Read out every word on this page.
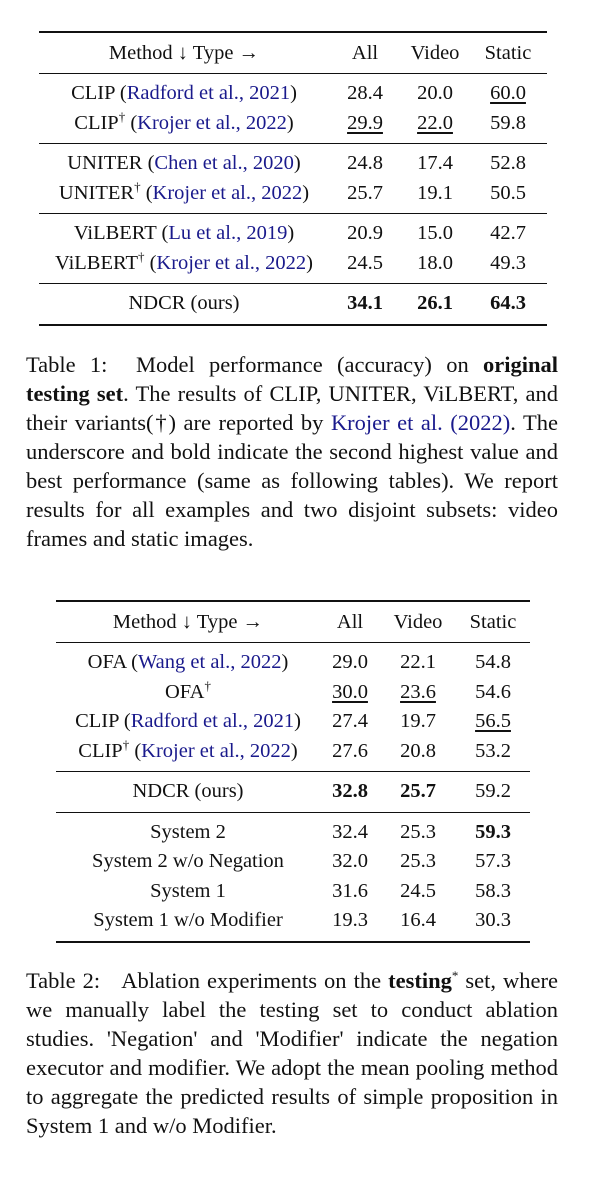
Method ↓ Type →	All	Video	Static
CLIP (Radford et al., 2021)	28.4	20.0	60.0
CLIP† (Krojer et al., 2022)	29.9	22.0	59.8
UNITER (Chen et al., 2020)	24.8	17.4	52.8
UNITER† (Krojer et al., 2022)	25.7	19.1	50.5
ViLBERT (Lu et al., 2019)	20.9	15.0	42.7
ViLBERT† (Krojer et al., 2022)	24.5	18.0	49.3
NDCR (ours)	34.1	26.1	64.3
Table 1: Model performance (accuracy) on original testing set. The results of CLIP, UNITER, ViLBERT, and their variants(†) are reported by Krojer et al. (2022). The underscore and bold indicate the second highest value and best performance (same as following tables). We report results for all examples and two disjoint subsets: video frames and static images.
Method ↓ Type →	All	Video	Static
OFA (Wang et al., 2022)	29.0	22.1	54.8
OFA†	30.0	23.6	54.6
CLIP (Radford et al., 2021)	27.4	19.7	56.5
CLIP† (Krojer et al., 2022)	27.6	20.8	53.2
NDCR (ours)	32.8	25.7	59.2
System 2	32.4	25.3	59.3
System 2 w/o Negation	32.0	25.3	57.3
System 1	31.6	24.5	58.3
System 1 w/o Modifier	19.3	16.4	30.3
Table 2: Ablation experiments on the testing* set, where we manually label the testing set to conduct ablation studies. 'Negation' and 'Modifier' indicate the negation executor and modifier. We adopt the mean pooling method to aggregate the predicted results of simple proposition in System 1 and w/o Modifier.
